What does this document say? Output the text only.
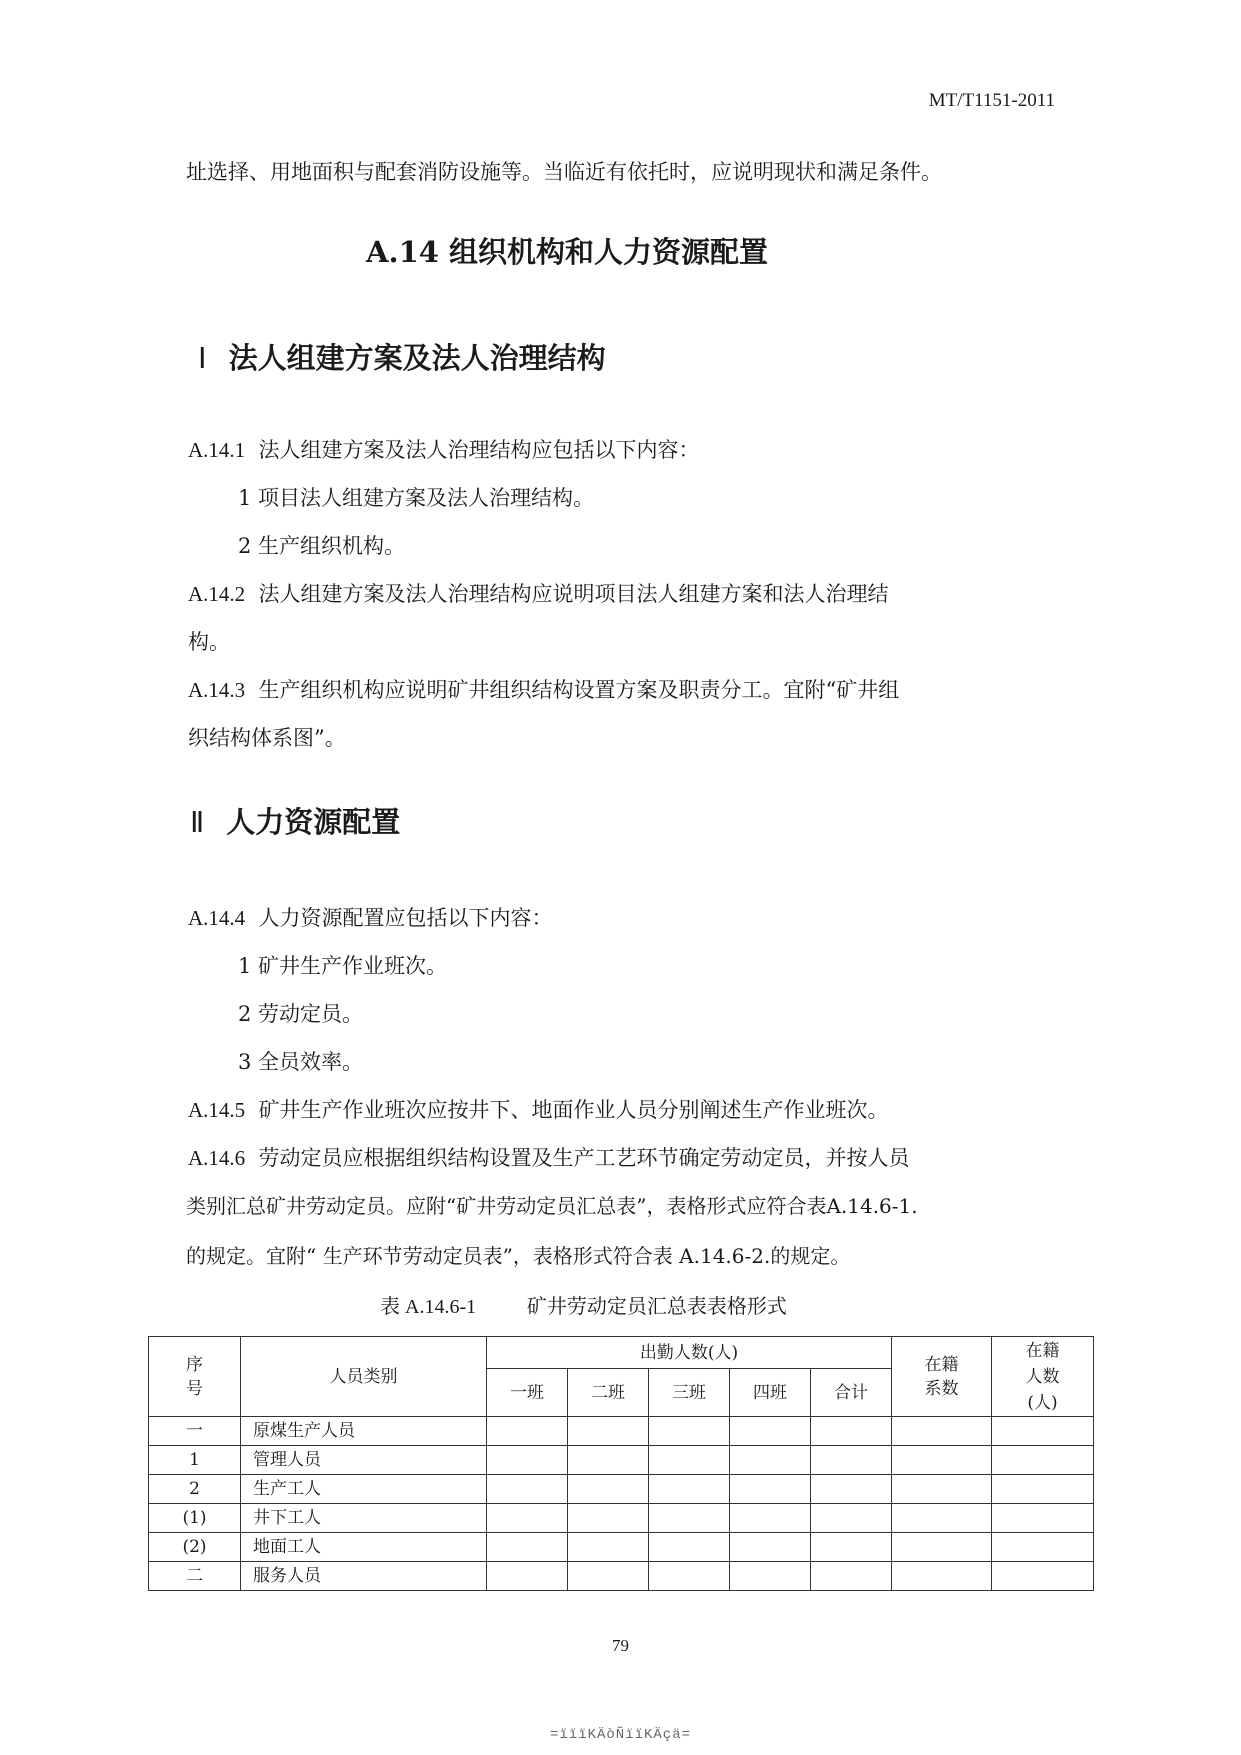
MT/T1151-2011
址选择、用地面积与配套消防设施等。当临近有依托时，应说明现状和满足条件。
A.14 组织机构和人力资源配置
Ⅰ 法人组建方案及法人治理结构
A.14.1 法人组建方案及法人治理结构应包括以下内容：
1 项目法人组建方案及法人治理结构。
2 生产组织机构。
A.14.2 法人组建方案及法人治理结构应说明项目法人组建方案和法人治理结
构。
A.14.3 生产组织机构应说明矿井组织结构设置方案及职责分工。宜附“矿井组
织结构体系图”。
Ⅱ 人力资源配置
A.14.4 人力资源配置应包括以下内容：
1 矿井生产作业班次。
2 劳动定员。
3 全员效率。
A.14.5 矿井生产作业班次应按井下、地面作业人员分别阐述生产作业班次。
A.14.6 劳动定员应根据组织结构设置及生产工艺环节确定劳动定员，并按人员
类别汇总矿井劳动定员。应附“矿井劳动定员汇总表”，表格形式应符合表A.14.6-1.
的规定。宜附“ 生产环节劳动定员表”，表格形式符合表 A.14.6-2.的规定。
表 A.14.6-1	矿井劳动定员汇总表表格形式
序号	人员类别	出勤人数(人)					在籍系数	在籍人数(人)

		一班	二班	三班	四班	合计		
一	原煤生产人员							
1	管理人员							
2	生产工人							
(1)	井下工人							
(2)	地面工人							
二	服务人员							
79
=ïïïKÄòÑïïKÄçä=
